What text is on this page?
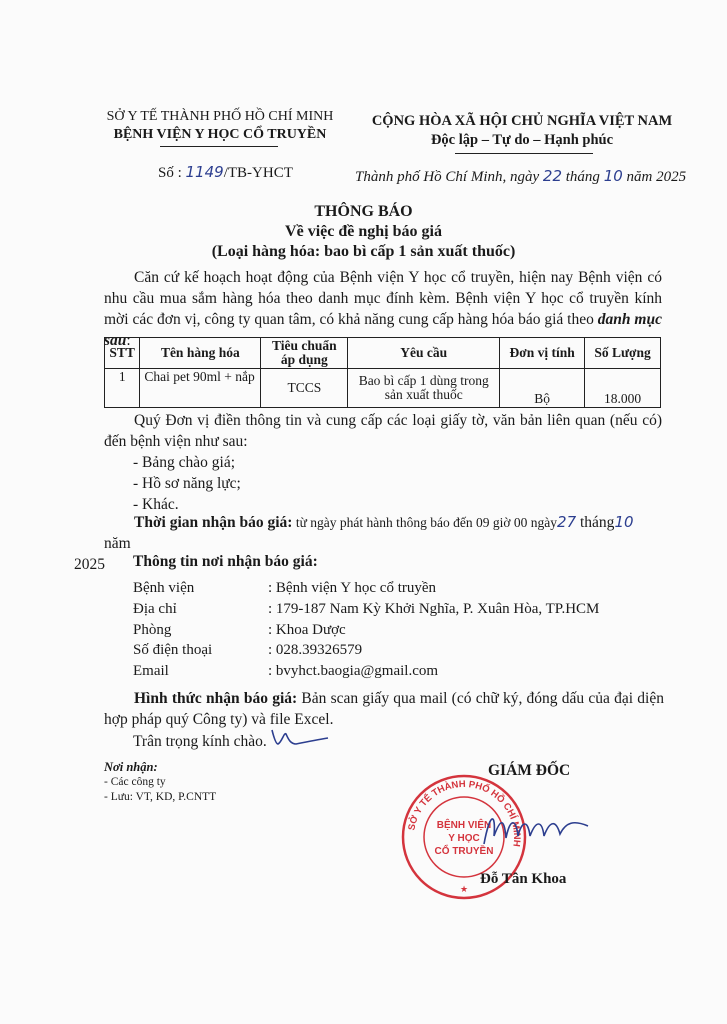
SỞ Y TẾ THÀNH PHỐ HỒ CHÍ MINH
BỆNH VIỆN Y HỌC CỔ TRUYỀN
CỘNG HÒA XÃ HỘI CHỦ NGHĨA VIỆT NAM
Độc lập – Tự do – Hạnh phúc
Số : 1149/TB-YHCT	Thành phố Hồ Chí Minh, ngày 22 tháng 10 năm 2025
THÔNG BÁO
Về việc đề nghị báo giá
(Loại hàng hóa: bao bì cấp 1 sản xuất thuốc)
Căn cứ kế hoạch hoạt động của Bệnh viện Y học cổ truyền, hiện nay Bệnh viện có nhu cầu mua sắm hàng hóa theo danh mục đính kèm. Bệnh viện Y học cổ truyền kính mời các đơn vị, công ty quan tâm, có khả năng cung cấp hàng hóa báo giá theo danh mục sau:
STT	Tên hàng hóa	Tiêu chuẩn áp dụng	Yêu cầu	Đơn vị tính	Số Lượng
1	Chai pet 90ml + nắp	TCCS	Bao bì cấp 1 dùng trong sản xuất thuốc	Bộ	18.000
Quý Đơn vị điền thông tin và cung cấp các loại giấy tờ, văn bản liên quan (nếu có) đến bệnh viện như sau:
- Bảng chào giá;
- Hồ sơ năng lực;
- Khác.
Thời gian nhận báo giá: từ ngày phát hành thông báo đến 09 giờ 00 ngày27 tháng10 năm
2025	Thông tin nơi nhận báo giá:
Bệnh viện	: Bệnh viện Y học cổ truyền
Địa chỉ	: 179-187 Nam Kỳ Khởi Nghĩa, P. Xuân Hòa, TP.HCM
Phòng	: Khoa Dược
Số điện thoại	: 028.39326579
Email	: bvyhct.baogia@gmail.com
Hình thức nhận báo giá: Bản scan giấy qua mail (có chữ ký, đóng dấu của đại diện hợp pháp quý Công ty) và file Excel.
Trân trọng kính chào.
Nơi nhận:
- Các công ty
- Lưu: VT, KD, P.CNTT
GIÁM ĐỐC
SỞ Y TẾ THÀNH PHỐ HỒ CHÍ MINH
BỆNH VIỆN
Y HỌC
CỔ TRUYỀN
★
Đỗ Tân Khoa
